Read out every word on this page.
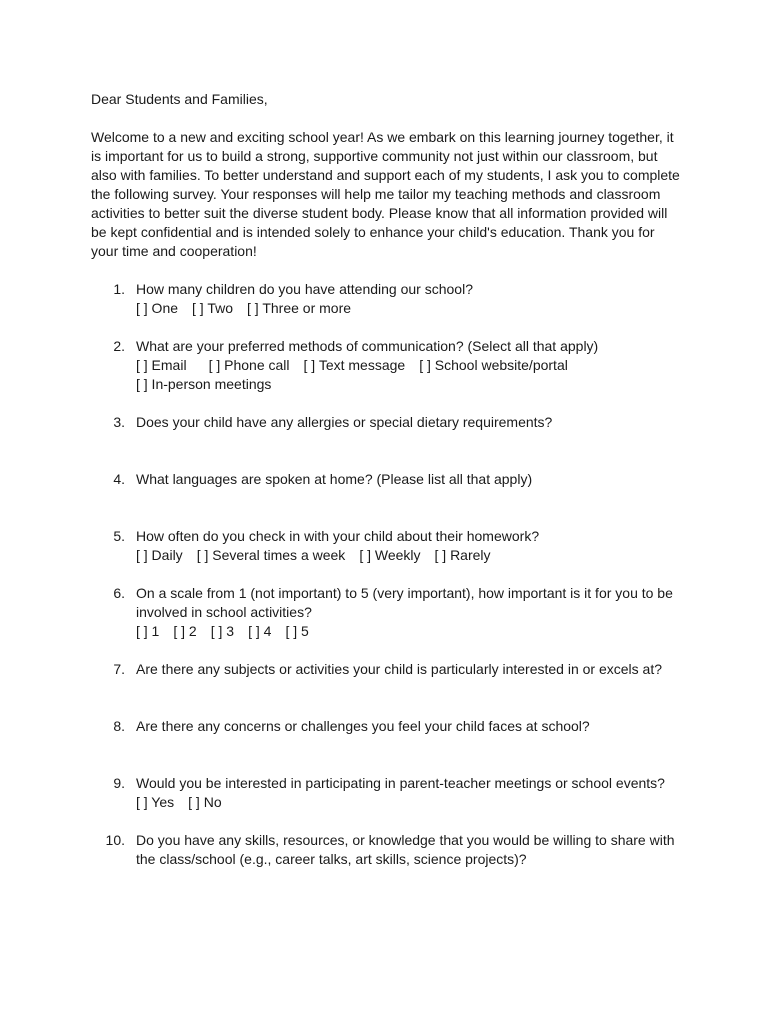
Dear Students and Families,

Welcome to a new and exciting school year! As we embark on this learning journey together, it is important for us to build a strong, supportive community not just within our classroom, but also with families. To better understand and support each of my students, I ask you to complete the following survey. Your responses will help me tailor my teaching methods and classroom activities to better suit the diverse student body. Please know that all information provided will be kept confidential and is intended solely to enhance your child's education. Thank you for your time and cooperation!

1. How many children do you have attending our school?
[ ] One [ ] Two [ ] Three or more
2. What are your preferred methods of communication? (Select all that apply)
[ ] Email [ ] Phone call [ ] Text message [ ] School website/portal
[ ] In-person meetings
3. Does your child have any allergies or special dietary requirements?
4. What languages are spoken at home? (Please list all that apply)
5. How often do you check in with your child about their homework?
[ ] Daily [ ] Several times a week [ ] Weekly [ ] Rarely
6. On a scale from 1 (not important) to 5 (very important), how important is it for you to be involved in school activities?
[ ] 1 [ ] 2 [ ] 3 [ ] 4 [ ] 5
7. Are there any subjects or activities your child is particularly interested in or excels at?
8. Are there any concerns or challenges you feel your child faces at school?
9. Would you be interested in participating in parent-teacher meetings or school events?
[ ] Yes [ ] No
10. Do you have any skills, resources, or knowledge that you would be willing to share with the class/school (e.g., career talks, art skills, science projects)?
